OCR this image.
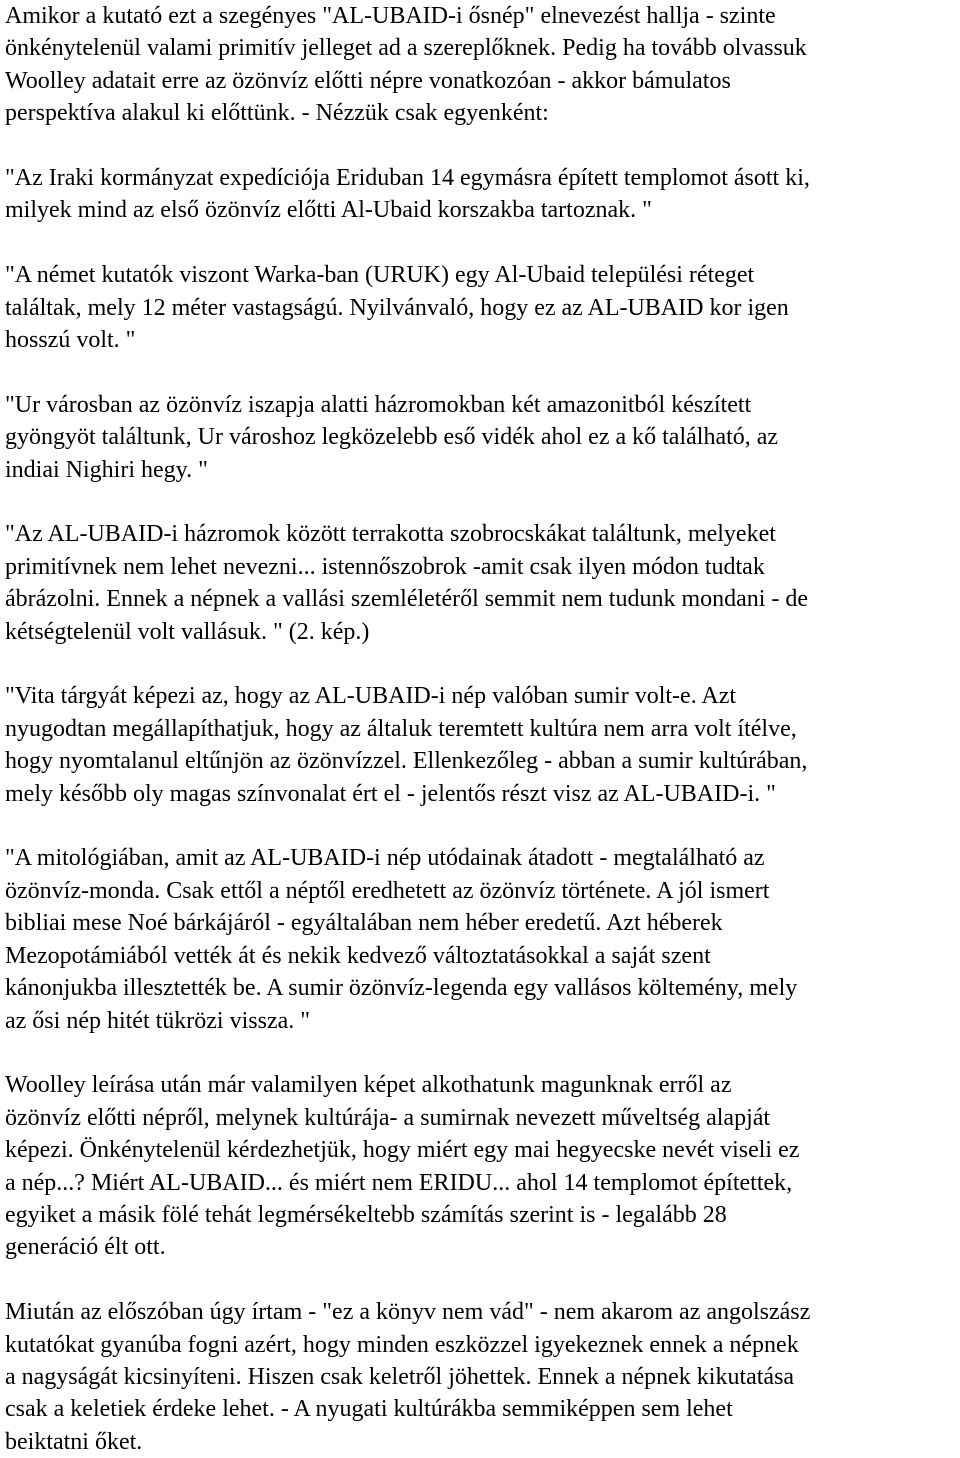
Amikor a kutató ezt a szegényes "AL-UBAID-i ősnép" elnevezést hallja - szinte
önkénytelenül valami primitív jelleget ad a szereplőknek. Pedig ha tovább olvassuk
Woolley adatait erre az özönvíz előtti népre vonatkozóan - akkor bámulatos
perspektíva alakul ki előttünk. - Nézzük csak egyenként:

"Az Iraki kormányzat expedíciója Eriduban 14 egymásra épített templomot ásott ki,
milyek mind az első özönvíz előtti Al-Ubaid korszakba tartoznak. "

"A német kutatók viszont Warka-ban (URUK) egy Al-Ubaid települési réteget
találtak, mely 12 méter vastagságú. Nyilvánvaló, hogy ez az AL-UBAID kor igen
hosszú volt. "

"Ur városban az özönvíz iszapja alatti házromokban két amazonitból készített
gyöngyöt találtunk, Ur városhoz legközelebb eső vidék ahol ez a kő található, az
indiai Nighiri hegy. "

"Az AL-UBAID-i házromok között terrakotta szobrocskákat találtunk, melyeket
primitívnek nem lehet nevezni... istennőszobrok -amit csak ilyen módon tudtak
ábrázolni. Ennek a népnek a vallási szemléletéről semmit nem tudunk mondani - de
kétségtelenül volt vallásuk. " (2. kép.)

"Vita tárgyát képezi az, hogy az AL-UBAID-i nép valóban sumir volt-e. Azt
nyugodtan megállapíthatjuk, hogy az általuk teremtett kultúra nem arra volt ítélve,
hogy nyomtalanul eltűnjön az özönvízzel. Ellenkezőleg - abban a sumir kultúrában,
mely később oly magas színvonalat ért el - jelentős részt visz az AL-UBAID-i. "

"A mitológiában, amit az AL-UBAID-i nép utódainak átadott - megtalálható az
özönvíz-monda. Csak ettől a néptől eredhetett az özönvíz története. A jól ismert
bibliai mese Noé bárkájáról - egyáltalában nem héber eredetű. Azt héberek
Mezopotámiából vették át és nekik kedvező változtatásokkal a saját szent
kánonjukba illesztették be. A sumir özönvíz-legenda egy vallásos költemény, mely
az ősi nép hitét tükrözi vissza. "

Woolley leírása után már valamilyen képet alkothatunk magunknak erről az
özönvíz előtti népről, melynek kultúrája- a sumirnak nevezett műveltség alapját
képezi. Önkénytelenül kérdezhetjük, hogy miért egy mai hegyecske nevét viseli ez
a nép...? Miért AL-UBAID... és miért nem ERIDU... ahol 14 templomot építettek,
egyiket a másik fölé tehát legmérsékeltebb számítás szerint is - legalább 28
generáció élt ott.

Miután az előszóban úgy írtam - "ez a könyv nem vád" - nem akarom az angolszász
kutatókat gyanúba fogni azért, hogy minden eszközzel igyekeznek ennek a népnek
a nagyságát kicsinyíteni. Hiszen csak keletről jöhettek. Ennek a népnek kikutatása
csak a keletiek érdeke lehet. - A nyugati kultúrákba semmiképpen sem lehet
beiktatni őket.
